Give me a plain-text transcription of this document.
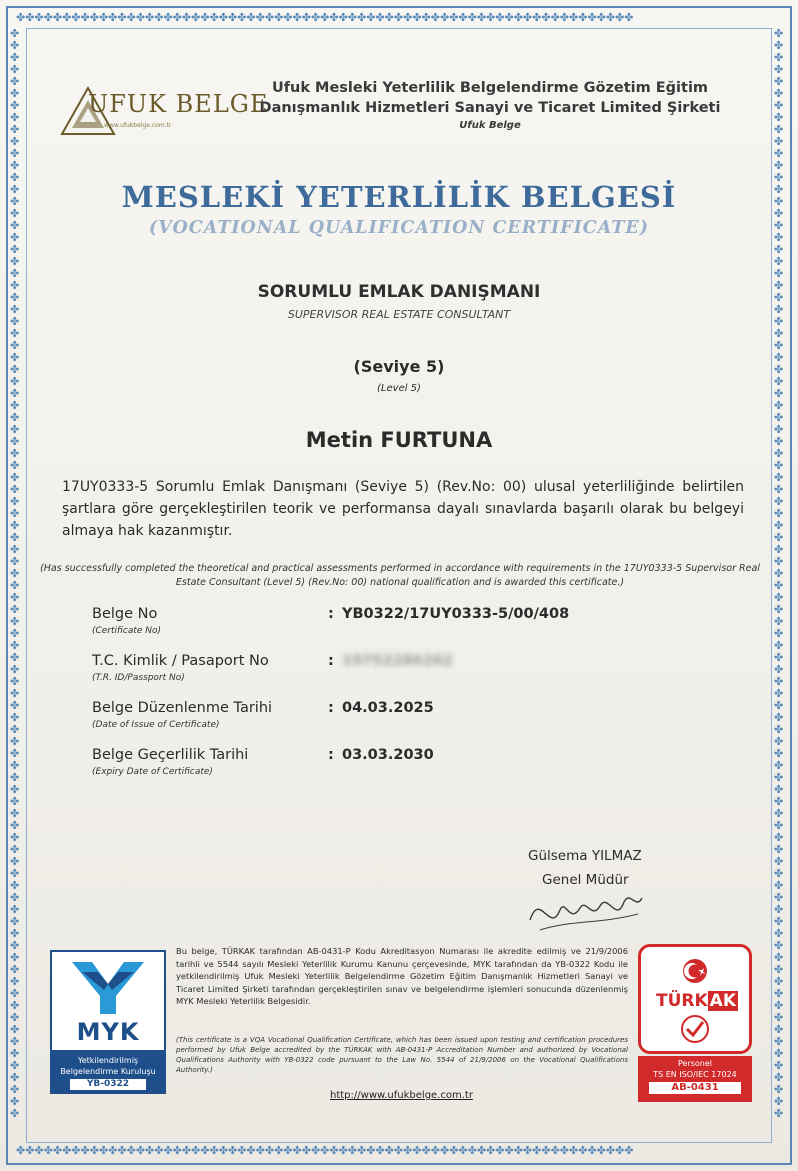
✤✤✤✤✤✤✤✤✤✤✤✤✤✤✤✤✤✤✤✤✤✤✤✤✤✤✤✤✤✤✤✤✤✤✤✤✤✤✤✤✤✤✤✤✤✤✤✤✤✤✤✤✤✤✤✤✤✤✤✤✤✤✤✤✤✤✤
✤✤✤✤✤✤✤✤✤✤✤✤✤✤✤✤✤✤✤✤✤✤✤✤✤✤✤✤✤✤✤✤✤✤✤✤✤✤✤✤✤✤✤✤✤✤✤✤✤✤✤✤✤✤✤✤✤✤✤✤✤✤✤✤✤✤✤
✤✤✤✤✤✤✤✤✤✤✤✤✤✤✤✤✤✤✤✤✤✤✤✤✤✤✤✤✤✤✤✤✤✤✤✤✤✤✤✤✤✤✤✤✤✤✤✤✤✤✤✤✤✤✤✤✤✤✤✤✤✤✤✤✤✤✤✤✤✤✤✤✤✤✤✤✤✤✤✤✤✤✤✤✤✤✤✤✤✤✤
✤✤✤✤✤✤✤✤✤✤✤✤✤✤✤✤✤✤✤✤✤✤✤✤✤✤✤✤✤✤✤✤✤✤✤✤✤✤✤✤✤✤✤✤✤✤✤✤✤✤✤✤✤✤✤✤✤✤✤✤✤✤✤✤✤✤✤✤✤✤✤✤✤✤✤✤✤✤✤✤✤✤✤✤✤✤✤✤✤✤✤
UFUK BELGE
www.ufukbelge.com.tr
Ufuk Mesleki Yeterlilik Belgelendirme Gözetim Eğitim
Danışmanlık Hizmetleri Sanayi ve Ticaret Limited Şirketi
Ufuk Belge
MESLEKİ YETERLİLİK BELGESİ
(VOCATIONAL QUALIFICATION CERTIFICATE)
SORUMLU EMLAK DANIŞMANI
SUPERVISOR REAL ESTATE CONSULTANT
(Seviye 5)
(Level 5)
Metin FURTUNA
17UY0333-5 Sorumlu Emlak Danışmanı (Seviye 5) (Rev.No: 00) ulusal yeterliliğinde belirtilen şartlara göre gerçekleştirilen teorik ve performansa dayalı sınavlarda başarılı olarak bu belgeyi almaya hak kazanmıştır.
(Has successfully completed the theoretical and practical assessments performed in accordance with requirements in the 17UY0333-5 Supervisor Real Estate Consultant (Level 5) (Rev.No: 00) national qualification and is awarded this certificate.)
Belge No
(Certificate No)
: YB0322/17UY0333-5/00/408
T.C. Kimlik / Pasaport No
(T.R. ID/Passport No)
: 19752286262
Belge Düzenlenme Tarihi
(Date of Issue of Certificate)
: 04.03.2025
Belge Geçerlilik Tarihi
(Expiry Date of Certificate)
: 03.03.2030
Gülsema YILMAZ
Genel Müdür
MYK
Yetkilendirilmiş Belgelendirme Kuruluşu
YB-0322
Bu belge, TÜRKAK tarafından AB-0431-P Kodu Akreditasyon Numarası ile akredite edilmiş ve 21/9/2006 tarihli ve 5544 sayılı Mesleki Yeterlilik Kurumu Kanunu çerçevesinde, MYK tarafından da YB-0322 Kodu ile yetkilendirilmiş Ufuk Mesleki Yeterlilik Belgelendirme Gözetim Eğitim Danışmanlık Hizmetleri Sanayi ve Ticaret Limited Şirketi tarafından gerçekleştirilen sınav ve belgelendirme işlemleri sonucunda düzenlenmiş MYK Mesleki Yeterlilik Belgesidir.
(This certificate is a VQA Vocational Qualification Certificate, which has been issued upon testing and certification procedures performed by Ufuk Belge accredited by the TÜRKAK with AB-0431-P Accreditation Number and authorized by Vocational Qualifications Authority with YB-0322 code pursuant to the Law No. 5544 of 21/9/2006 on the Vocational Qualifications Authority.)
http://www.ufukbelge.com.tr
TÜRK AK
Personel
TS EN ISO/IEC 17024
AB-0431
